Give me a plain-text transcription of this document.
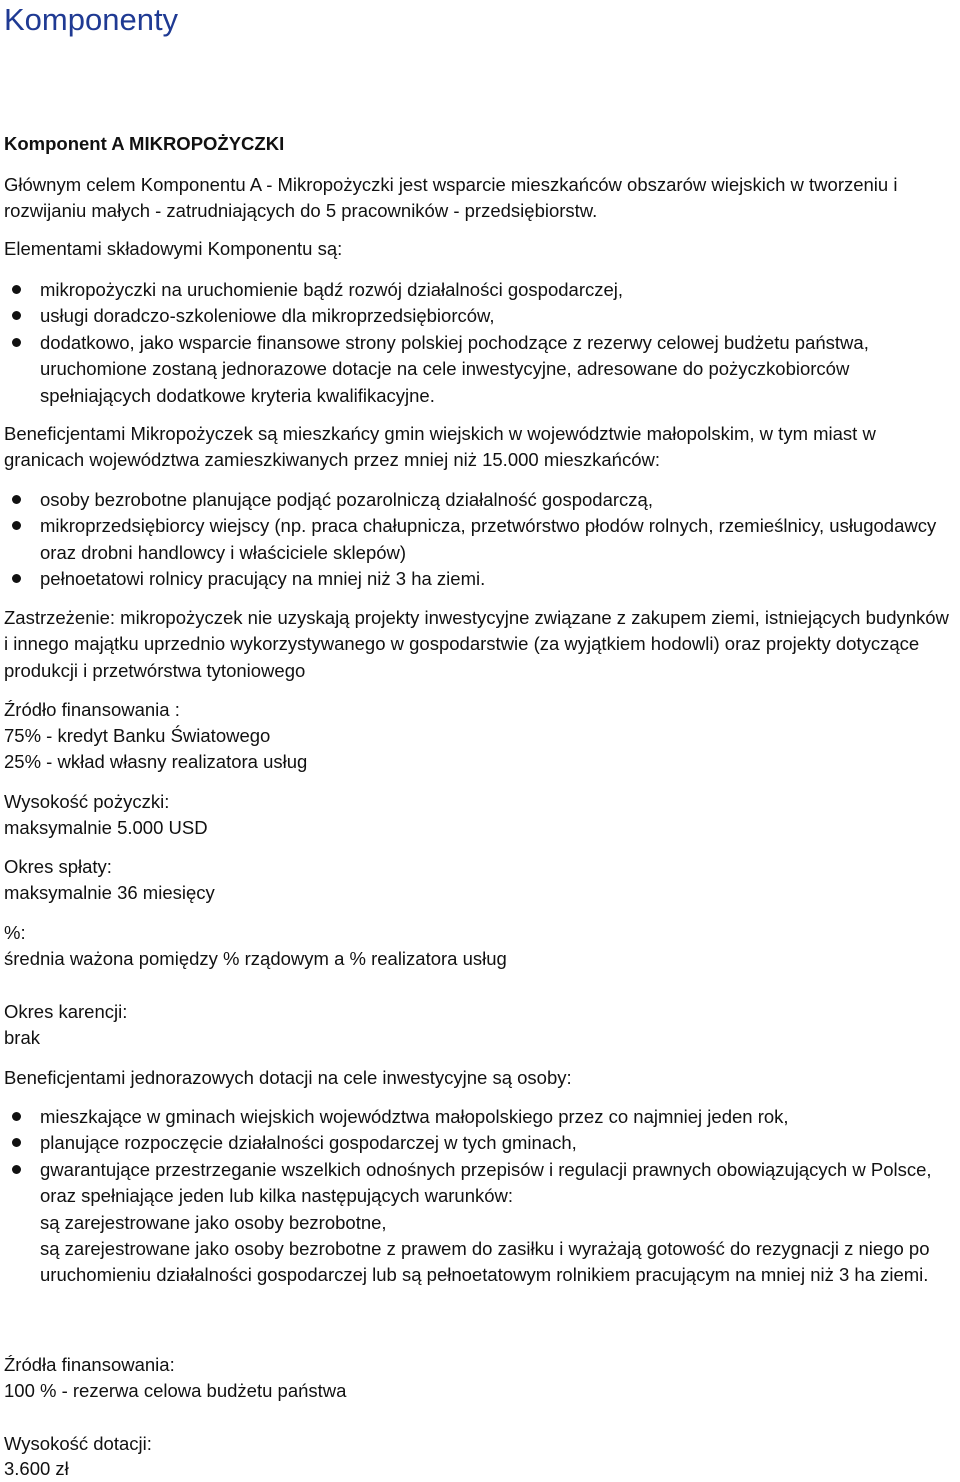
Komponenty

Komponent A MIKROPOŻYCZKI

Głównym celem Komponentu A - Mikropożyczki jest wsparcie mieszkańców obszarów wiejskich w tworzeniu i rozwijaniu małych - zatrudniających do 5 pracowników - przedsiębiorstw.

Elementami składowymi Komponentu są:

mikropożyczki na uruchomienie bądź rozwój działalności gospodarczej,
usługi doradczo-szkoleniowe dla mikroprzedsiębiorców,
dodatkowo, jako wsparcie finansowe strony polskiej pochodzące z rezerwy celowej budżetu państwa, uruchomione zostaną jednorazowe dotacje na cele inwestycyjne, adresowane do pożyczkobiorców spełniających dodatkowe kryteria kwalifikacyjne.

Beneficjentami Mikropożyczek są mieszkańcy gmin wiejskich w województwie małopolskim, w tym miast w granicach województwa zamieszkiwanych przez mniej niż 15.000 mieszkańców:

osoby bezrobotne planujące podjąć pozarolniczą działalność gospodarczą,
mikroprzedsiębiorcy wiejscy (np. praca chałupnicza, przetwórstwo płodów rolnych, rzemieślnicy, usługodawcy oraz drobni handlowcy i właściciele sklepów)
pełnoetatowi rolnicy pracujący na mniej niż 3 ha ziemi.

Zastrzeżenie: mikropożyczek nie uzyskają projekty inwestycyjne związane z zakupem ziemi, istniejących budynków i innego majątku uprzednio wykorzystywanego w gospodarstwie (za wyjątkiem hodowli) oraz projekty dotyczące produkcji i przetwórstwa tytoniowego

Źródło finansowania :

75% - kredyt Banku Światowego

25% - wkład własny realizatora usług

Wysokość pożyczki:

maksymalnie 5.000 USD

Okres spłaty:

maksymalnie 36 miesięcy

%:

średnia ważona pomiędzy % rządowym a % realizatora usług

Okres karencji:

brak

Beneficjentami jednorazowych dotacji na cele inwestycyjne są osoby:

mieszkające w gminach wiejskich województwa małopolskiego przez co najmniej jeden rok,
planujące rozpoczęcie działalności gospodarczej w tych gminach,
gwarantujące przestrzeganie wszelkich odnośnych przepisów i regulacji prawnych obowiązujących w Polsce, oraz spełniające jeden lub kilka następujących warunków:
są zarejestrowane jako osoby bezrobotne,
są zarejestrowane jako osoby bezrobotne z prawem do zasiłku i wyrażają gotowość do rezygnacji z niego po uruchomieniu działalności gospodarczej lub są pełnoetatowym rolnikiem pracującym na mniej niż 3 ha ziemi.

Źródła finansowania:

100 % - rezerwa celowa budżetu państwa

Wysokość dotacji:

3.600 zł
